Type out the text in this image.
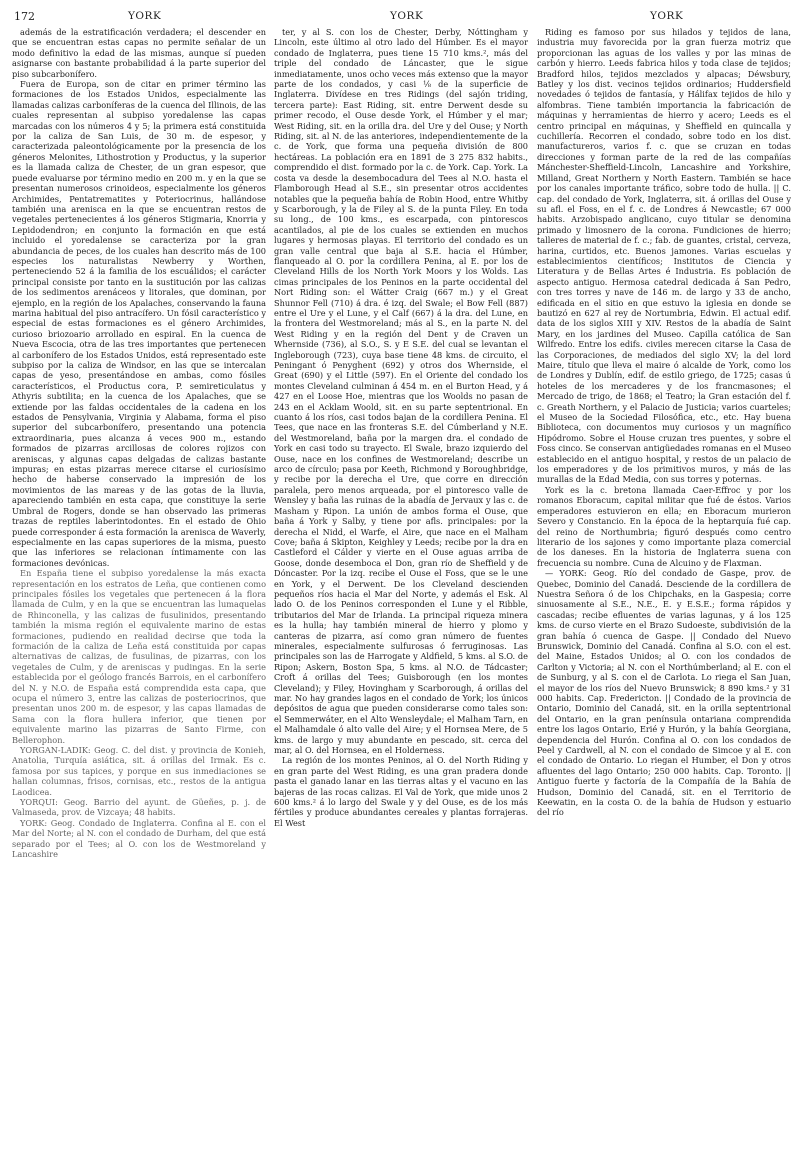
172	YORK	YORK	YORK

además de la estratificación verdadera; el descender en que se encuentran estas capas no permite señalar de un modo definitivo la edad de las mismas, aunque sí pueden asignarse con bastante probabilidad á la parte superior del piso subcarbonífero.

Fuera de Europa, son de citar en primer término las formaciones de los Estados Unidos, especialmente las llamadas calizas carboníferas de la cuenca del Illinois, de las cuales representan al subpiso yoredalense las capas marcadas con los números 4 y 5; la primera está constituida por la caliza de San Luis, de 30 m. de espesor, y caracterizada paleontológicamente por la presencia de los géneros Melonites, Lithostrotion y Productus, y la superior es la llamada caliza de Chester, de un gran espesor, que puede evaluarse por término medio en 200 m. y en la que se presentan numerosos crinoideos, especialmente los géneros Archimides, Pentatrematites y Poteriocrinus, hallándose también una arenisca en la que se encuentran restos de vegetales pertenecientes á los géneros Stigmaria, Knorria y Lepidodendron; en conjunto la formación en que está incluido el yoredalense se caracteriza por la gran abundancia de peces, de los cuales han descrito más de 100 especies los naturalistas Newberry y Worthen, perteneciendo 52 á la familia de los escuálidos; el carácter principal consiste por tanto en la sustitución por las calizas de los sedimentos arenáceos y litorales, que dominan, por ejemplo, en la región de los Apalaches, conservando la fauna marina habitual del piso antracífero. Un fósil característico y especial de estas formaciones es el género Archimides, curioso briozoario arrollado en espiral. En la cuenca de Nueva Escocia, otra de las tres importantes que pertenecen al carbonífero de los Estados Unidos, está representado este subpiso por la caliza de Windsor, en las que se intercalan capas de yeso, presentándose en ambas, como fósiles característicos, el Productus cora, P. semireticulatus y Athyris subtilita; en la cuenca de los Apalaches, que se extiende por las faldas occidentales de la cadena en los estados de Pensylvania, Virginia y Alabama, forma el piso superior del subcarbonífero, presentando una potencia extraordinaria, pues alcanza á veces 900 m., estando formados de pizarras arcillosas de colores rojizos con areniscas, y algunas capas delgadas de calizas bastante impuras; en estas pizarras merece citarse el curiosísimo hecho de haberse conservado la impresión de los movimientos de las mareas y de las gotas de la lluvia, apareciendo también en esta capa, que constituye la serie Umbral de Rogers, donde se han observado las primeras trazas de reptiles laberintodontes. En el estado de Ohio puede corresponder á esta formación la arenisca de Waverly, especialmente en las capas superiores de la misma, puesto que las inferiores se relacionan íntimamente con las formaciones devónicas.

En España tiene el subpiso yoredalense la más exacta representación en los estratos de Leña, que contienen como principales fósiles los vegetales que pertenecen á la flora llamada de Culm, y en la que se encuentran las lumaquelas de Rhinconella, y las calizas de fusulinidos, presentando también la misma región el equivalente marino de estas formaciones, pudiendo en realidad decirse que toda la formación de la caliza de Leña está constituida por capas alternativas de calizas, de fusulinas, de pizarras, con los vegetales de Culm, y de areniscas y pudingas. En la serie establecida por el geólogo francés Barrois, en el carbonífero del N. y N.O. de España está comprendida esta capa, que ocupa el número 3, entre las calizas de posteriocrinos, que presentan unos 200 m. de espesor, y las capas llamadas de Sama con la flora hullera inferior, que tienen por equivalente marino las pizarras de Santo Firme, con Bellerophon.

YORGAN-LADIK: Geog. C. del dist. y provincia de Konieh, Anatolia, Turquía asiática, sit. á orillas del Irmak. Es c. famosa por sus tapices, y porque en sus inmediaciones se hallan columnas, frisos, cornisas, etc., restos de la antigua Laodicea.

YORQUI: Geog. Barrio del ayunt. de Güeñes, p. j. de Valmaseda, prov. de Vizcaya; 48 habits.

YORK: Geog. Condado de Inglaterra. Confina al E. con el Mar del Norte; al N. con el condado de Durham, del que está separado por el Tees; al O. con los de Westmoreland y Lancashire

ter, y al S. con los de Chester, Derby, Nóttingham y Lincoln, este último al otro lado del Húmber. Es el mayor condado de Inglaterra, pues tiene 15 710 kms.², más del triple del condado de Láncaster, que le sigue inmediatamente, unos ocho veces más extenso que la mayor parte de los condados, y casi ⅛ de la superficie de Inglaterra. Divídese en tres Ridings (del sajón triding, tercera parte): East Riding, sit. entre Derwent desde su primer recodo, el Ouse desde York, el Húmber y el mar; West Riding, sit. en la orilla dra. del Ure y del Ouse; y North Riding, sit. al N. de las anteriores, independientemente de la c. de York, que forma una pequeña división de 800 hectáreas. La población era en 1891 de 3 275 832 habits., comprendido el dist. formado por la c. de York. Cap. York. La costa va desde la desembocadura del Tees al N.O. hasta el Flamborough Head al S.E., sin presentar otros accidentes notables que la pequeña bahía de Robin Hood, entre Whitby y Scarborough, y la de Filey al S. de la punta Filey. En toda su long., de 100 kms., es escarpada, con pintorescos acantilados, al pie de los cuales se extienden en muchos lugares y hermosas playas. El territorio del condado es un gran valle central que baja al S.E. hacia el Húmber, flanqueado al O. por la cordillera Penina, al E. por los de Cleveland Hills de los North York Moors y los Wolds. Las cimas principales de los Peninos en la parte occidental del Nort Riding son: el Wátter Craig (667 m.) y el Great Shunnor Fell (710) á dra. é izq. del Swale; el Bow Fell (887) entre el Ure y el Lune, y el Calf (667) á la dra. del Lune, en la frontera del Westmoreland; más al S., en la parte N. del West Riding y en la región del Dent y de Craven un Whernside (736), al S.O., S. y E S.E. del cual se levantan el Ingleborough (723), cuya base tiene 48 kms. de circuito, el Peningant ó Penyghent (692) y otros dos Whernside, el Great (690) y el Little (597). En el Oriente del condado los montes Cleveland culminan á 454 m. en el Burton Head, y á 427 en el Loose Hoe, mientras que los Woolds no pasan de 243 en el Acklam Woold, sit. en su parte septentrional. En cuanto á los ríos, casi todos bajan de la cordillera Penina. El Tees, que nace en las fronteras S.E. del Cúmberland y N.E. del Westmoreland, baña por la margen dra. el condado de York en casi todo su trayecto. El Swale, brazo izquierdo del Ouse, nace en los confines de Westmoreland; describe un arco de círculo; pasa por Keeth, Richmond y Boroughbridge, y recibe por la derecha el Ure, que corre en dirección paralela, pero menos arqueada, por el pintoresco valle de Wensley y baña las ruinas de la abadía de Jervaux y las c. de Masham y Ripon. La unión de ambos forma el Ouse, que baña á York y Salby, y tiene por afls. principales: por la derecha el Nidd, el Warfe, el Aire, que nace en el Malham Cove; baña á Skipton, Keighley y Leeds; recibe por la dra en Castleford el Cálder y vierte en el Ouse aguas arriba de Goose, donde desemboca el Don, gran río de Sheffield y de Dóncaster. Por la izq. recibe el Ouse el Foss, que se le une en York, y el Derwent. De los Cleveland descienden pequeños ríos hacia el Mar del Norte, y además el Esk. Al lado O. de los Peninos corresponden el Lune y el Ribble, tributarios del Mar de Irlanda. La principal riqueza minera es la hulla; hay también mineral de hierro y plomo y canteras de pizarra, así como gran número de fuentes minerales, especialmente sulfurosas ó ferruginosas. Las principales son las de Harrogate y Aldfield, 5 kms. al S.O. de Ripon; Askern, Boston Spa, 5 kms. al N.O. de Tádcaster; Croft á orillas del Tees; Guisborough (en los montes Cleveland); y Filey, Hovingham y Scarborough, á orillas del mar. No hay grandes lagos en el condado de York; los únicos depósitos de agua que pueden considerarse como tales son: el Semmerwáter, en el Alto Wensleydale; el Malham Tarn, en el Malhamdale ó alto valle del Aire; y el Hornsea Mere, de 5 kms. de largo y muy abundante en pescado, sit. cerca del mar, al O. del Hornsea, en el Holderness.

La región de los montes Peninos, al O. del North Riding y en gran parte del West Riding, es una gran pradera donde pasta el ganado lanar en las tierras altas y el vacuno en las bajeras de las rocas calizas. El Val de York, que mide unos 2 600 kms.² á lo largo del Swale y y del Ouse, es de los más fértiles y produce abundantes cereales y plantas forrajeras. El West

Riding es famoso por sus hilados y tejidos de lana, industria muy favorecida por la gran fuerza motriz que proporcionan las aguas de los valles y por las minas de carbón y hierro. Leeds fabrica hilos y toda clase de tejidos; Bradford hilos, tejidos mezclados y alpacas; Déwsbury, Batley y los dist. vecinos tejidos ordinarios; Huddersfield novedades ó tejidos de fantasía, y Hálifax tejidos de hilo y alfombras. Tiene también importancia la fabricación de máquinas y herramientas de hierro y acero; Leeds es el centro principal en máquinas, y Sheffield en quincalla y cuchillería. Recorren el condado, sobre todo en los dist. manufactureros, varios f. c. que se cruzan en todas direcciones y forman parte de la red de las compañías Mánchester-Sheffield-Lincoln, Lancashire and Yorkshire, Milland, Great Northern y North Eastern. También se hace por los canales importante tráfico, sobre todo de hulla. || C. cap. del condado de York, Inglaterra, sit. á orillas del Ouse y su afl. el Foss, en el f. c. de Londres á Newcastle; 67 000 habits. Arzobispado anglicano, cuyo titular se denomina primado y limosnero de la corona. Fundiciones de hierro; talleres de material de f. c.; fab. de guantes, cristal, cerveza, harina, curtidos, etc. Buenos jamones. Varias escuelas y establecimientos científicos; Institutos de Ciencia y Literatura y de Bellas Artes é Industria. Es población de aspecto antiguo. Hermosa catedral dedicada á San Pedro, con tres torres y nave de 146 m. de largo y 33 de ancho, edificada en el sitio en que estuvo la iglesia en donde se bautizó en 627 al rey de Nortumbria, Edwin. El actual edif. data de los siglos XIII y XIV. Restos de la abadía de Saint Mary, en los jardines del Museo. Capilla católica de San Wilfredo. Entre los edifs. civiles merecen citarse la Casa de las Corporaciones, de mediados del siglo XV; la del lord Maire, título que lleva el maire ó alcalde de York, como los de Londres y Dublín, edif. de estilo griego, de 1725; casas ú hoteles de los mercaderes y de los francmasones; el Mercado de trigo, de 1868; el Teatro; la Gran estación del f. c. Greath Northern, y el Palacio de Justicia; varios cuarteles; el Museo de la Sociedad Filosófica, etc., etc. Hay buena Biblioteca, con documentos muy curiosos y un magnífico Hipódromo. Sobre el House cruzan tres puentes, y sobre el Foss cinco. Se conservan antigüedades romanas en el Museo establecido en el antiguo hospital, y restos de un palacio de los emperadores y de los primitivos muros, y más de las murallas de la Edad Media, con sus torres y poternas.

York es la c. bretona llamada Caer-Effroc y por los romanos Eboracum, capital militar que fué de éstos. Varios emperadores estuvieron en ella; en Eboracum murieron Severo y Constancio. En la época de la heptarquía fué cap. del reino de Northumbria; figuró después como centro literario de los sajones y como importante plaza comercial de los daneses. En la historia de Inglaterra suena con frecuencia su nombre. Cuna de Alcuino y de Flaxman.

— YORK: Geog. Río del condado de Gaspe, prov. de Quebec, Dominio del Canadá. Desciende de la cordillera de Nuestra Señora ó de los Chipchaks, en la Gaspesia; corre sinuosamente al S.E., N.E., E. y E.S.E.; forma rápidos y cascadas; recibe efluentes de varias lagunas, y á los 125 kms. de curso vierte en el Brazo Sudoeste, subdivisión de la gran bahía ó cuenca de Gaspe. || Condado del Nuevo Brunswick, Dominio del Canadá. Confina al S.O. con el est. del Maine, Estados Unidos; al O. con los condados de Carlton y Victoria; al N. con el Northúmberland; al E. con el de Sunburg, y al S. con el de Carlota. Lo riega el San Juan, el mayor de los ríos del Nuevo Brunswick; 8 890 kms.² y 31 000 habits. Cap. Fredericton. || Condado de la provincia de Ontario, Dominio del Canadá, sit. en la orilla septentrional del Ontario, en la gran península ontariana comprendida entre los lagos Ontario, Erié y Hurón, y la bahía Georgiana, dependencia del Hurón. Confina al O. con los condados de Peel y Cardwell, al N. con el condado de Simcoe y al E. con el condado de Ontario. Lo riegan el Humber, el Don y otros afluentes del lago Ontario; 250 000 habits. Cap. Toronto. || Antiguo fuerte y factoría de la Compañía de la Bahía de Hudson, Dominio del Canadá, sit. en el Territorio de Keewatin, en la costa O. de la bahía de Hudson y estuario del río
